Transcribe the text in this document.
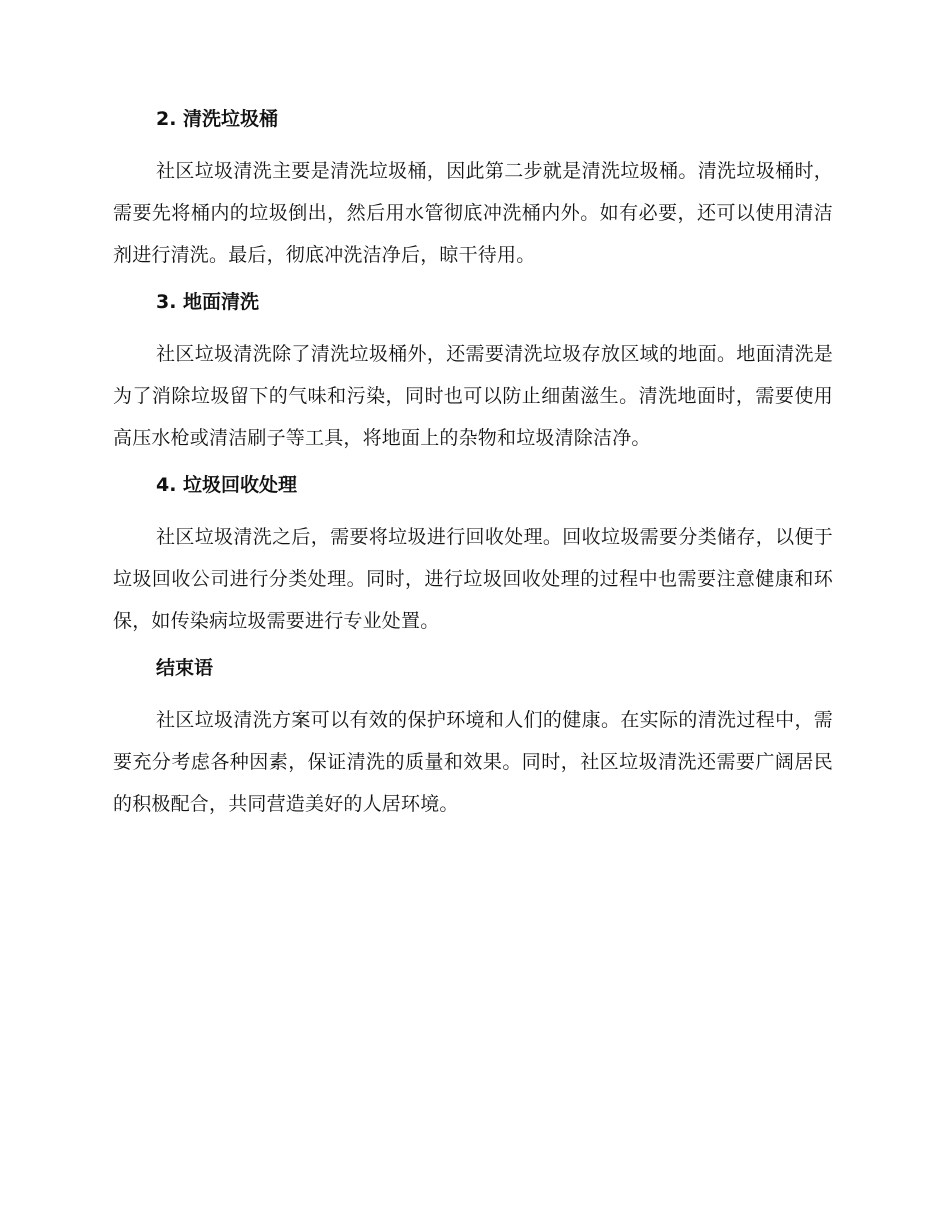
2. 清洗垃圾桶

社区垃圾清洗主要是清洗垃圾桶，因此第二步就是清洗垃圾桶。清洗垃圾桶时，需要先将桶内的垃圾倒出，然后用水管彻底冲洗桶内外。如有必要，还可以使用清洁剂进行清洗。最后，彻底冲洗洁净后，晾干待用。

3. 地面清洗

社区垃圾清洗除了清洗垃圾桶外，还需要清洗垃圾存放区域的地面。地面清洗是为了消除垃圾留下的气味和污染，同时也可以防止细菌滋生。清洗地面时，需要使用高压水枪或清洁刷子等工具，将地面上的杂物和垃圾清除洁净。

4. 垃圾回收处理

社区垃圾清洗之后，需要将垃圾进行回收处理。回收垃圾需要分类储存，以便于垃圾回收公司进行分类处理。同时，进行垃圾回收处理的过程中也需要注意健康和环保，如传染病垃圾需要进行专业处置。

结束语

社区垃圾清洗方案可以有效的保护环境和人们的健康。在实际的清洗过程中，需要充分考虑各种因素，保证清洗的质量和效果。同时，社区垃圾清洗还需要广阔居民的积极配合，共同营造美好的人居环境。
